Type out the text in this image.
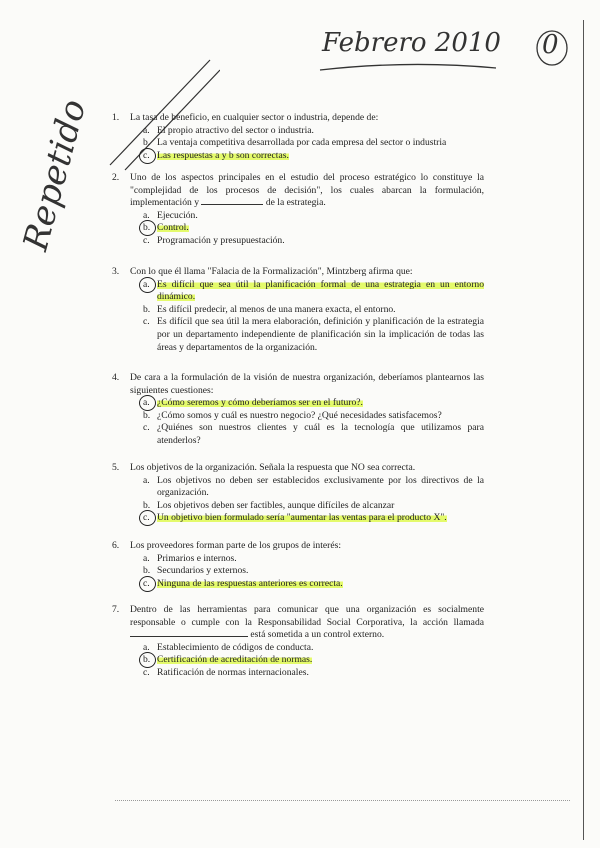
Febrero 2010 0
Repetido 1.	La tasa de beneficio, en cualquier sector o industria, depende de:
a. El propio atractivo del sector o industria.
b. La ventaja competitiva desarrollada por cada empresa del sector o industria
c. Las respuestas a y b son correctas.
2.	Uno de los aspectos principales en el estudio del proceso estratégico lo constituye la "complejidad de los procesos de decisión", los cuales abarcan la formulación, implementación y	de la estrategia.
a. Ejecución.
b. Control.
c. Programación y presupuestación.
3.	Con lo que él llama "Falacia de la Formalización", Mintzberg afirma que:
a. Es difícil que sea útil la planificación formal de una estrategia en un entorno dinámico.
b. Es difícil predecir, al menos de una manera exacta, el entorno.
c. Es difícil que sea útil la mera elaboración, definición y planificación de la estrategia por un departamento independiente de planificación sin la implicación de todas las áreas y departamentos de la organización.
4.	De cara a la formulación de la visión de nuestra organización, deberíamos plantearnos las siguientes cuestiones:
a. ¿Cómo seremos y cómo deberíamos ser en el futuro?.
b. ¿Cómo somos y cuál es nuestro negocio? ¿Qué necesidades satisfacemos?
c. ¿Quiénes son nuestros clientes y cuál es la tecnología que utilizamos para atenderlos?
5.	Los objetivos de la organización. Señala la respuesta que NO sea correcta.
a. Los objetivos no deben ser establecidos exclusivamente por los directivos de la organización.
b. Los objetivos deben ser factibles, aunque difíciles de alcanzar
c. Un objetivo bien formulado sería "aumentar las ventas para el producto X".
6.	Los proveedores forman parte de los grupos de interés:
a. Primarios e internos.
b. Secundarios y externos.
c. Ninguna de las respuestas anteriores es correcta.
7.	Dentro de las herramientas para comunicar que una organización es socialmente responsable o cumple con la Responsabilidad Social Corporativa, la acción llamada  está sometida a un control externo.
a. Establecimiento de códigos de conducta.
b. Certificación de acreditación de normas.
c. Ratificación de normas internacionales.
